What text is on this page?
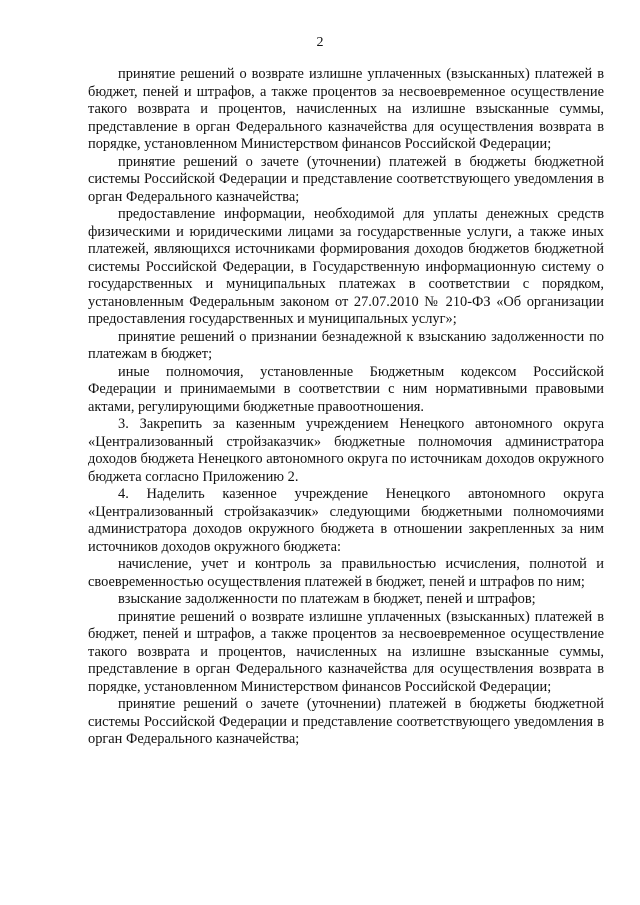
2

принятие решений о возврате излишне уплаченных (взысканных) платежей в бюджет, пеней и штрафов, а также процентов за несвоевременное осуществление такого возврата и процентов, начисленных на излишне взысканные суммы, представление в орган Федерального казначейства для осуществления возврата в порядке, установленном Министерством финансов Российской Федерации;

принятие решений о зачете (уточнении) платежей в бюджеты бюджетной системы Российской Федерации и представление соответствующего уведомления в орган Федерального казначейства;

предоставление информации, необходимой для уплаты денежных средств физическими и юридическими лицами за государственные услуги, а также иных платежей, являющихся источниками формирования доходов бюджетов бюджетной системы Российской Федерации, в Государственную информационную систему о государственных и муниципальных платежах в соответствии с порядком, установленным Федеральным законом от 27.07.2010 № 210-ФЗ «Об организации предоставления государственных и муниципальных услуг»;

принятие решений о признании безнадежной к взысканию задолженности по платежам в бюджет;

иные полномочия, установленные Бюджетным кодексом Российской Федерации и принимаемыми в соответствии с ним нормативными правовыми актами, регулирующими бюджетные правоотношения.

3. Закрепить за казенным учреждением Ненецкого автономного округа «Централизованный стройзаказчик» бюджетные полномочия администратора доходов бюджета Ненецкого автономного округа по источникам доходов окружного бюджета согласно Приложению 2.

4. Наделить казенное учреждение Ненецкого автономного округа «Централизованный стройзаказчик» следующими бюджетными полномочиями администратора доходов окружного бюджета в отношении закрепленных за ним источников доходов окружного бюджета:

начисление, учет и контроль за правильностью исчисления, полнотой и своевременностью осуществления платежей в бюджет, пеней и штрафов по ним;

взыскание задолженности по платежам в бюджет, пеней и штрафов;

принятие решений о возврате излишне уплаченных (взысканных) платежей в бюджет, пеней и штрафов, а также процентов за несвоевременное осуществление такого возврата и процентов, начисленных на излишне взысканные суммы, представление в орган Федерального казначейства для осуществления возврата в порядке, установленном Министерством финансов Российской Федерации;

принятие решений о зачете (уточнении) платежей в бюджеты бюджетной системы Российской Федерации и представление соответствующего уведомления в орган Федерального казначейства;
